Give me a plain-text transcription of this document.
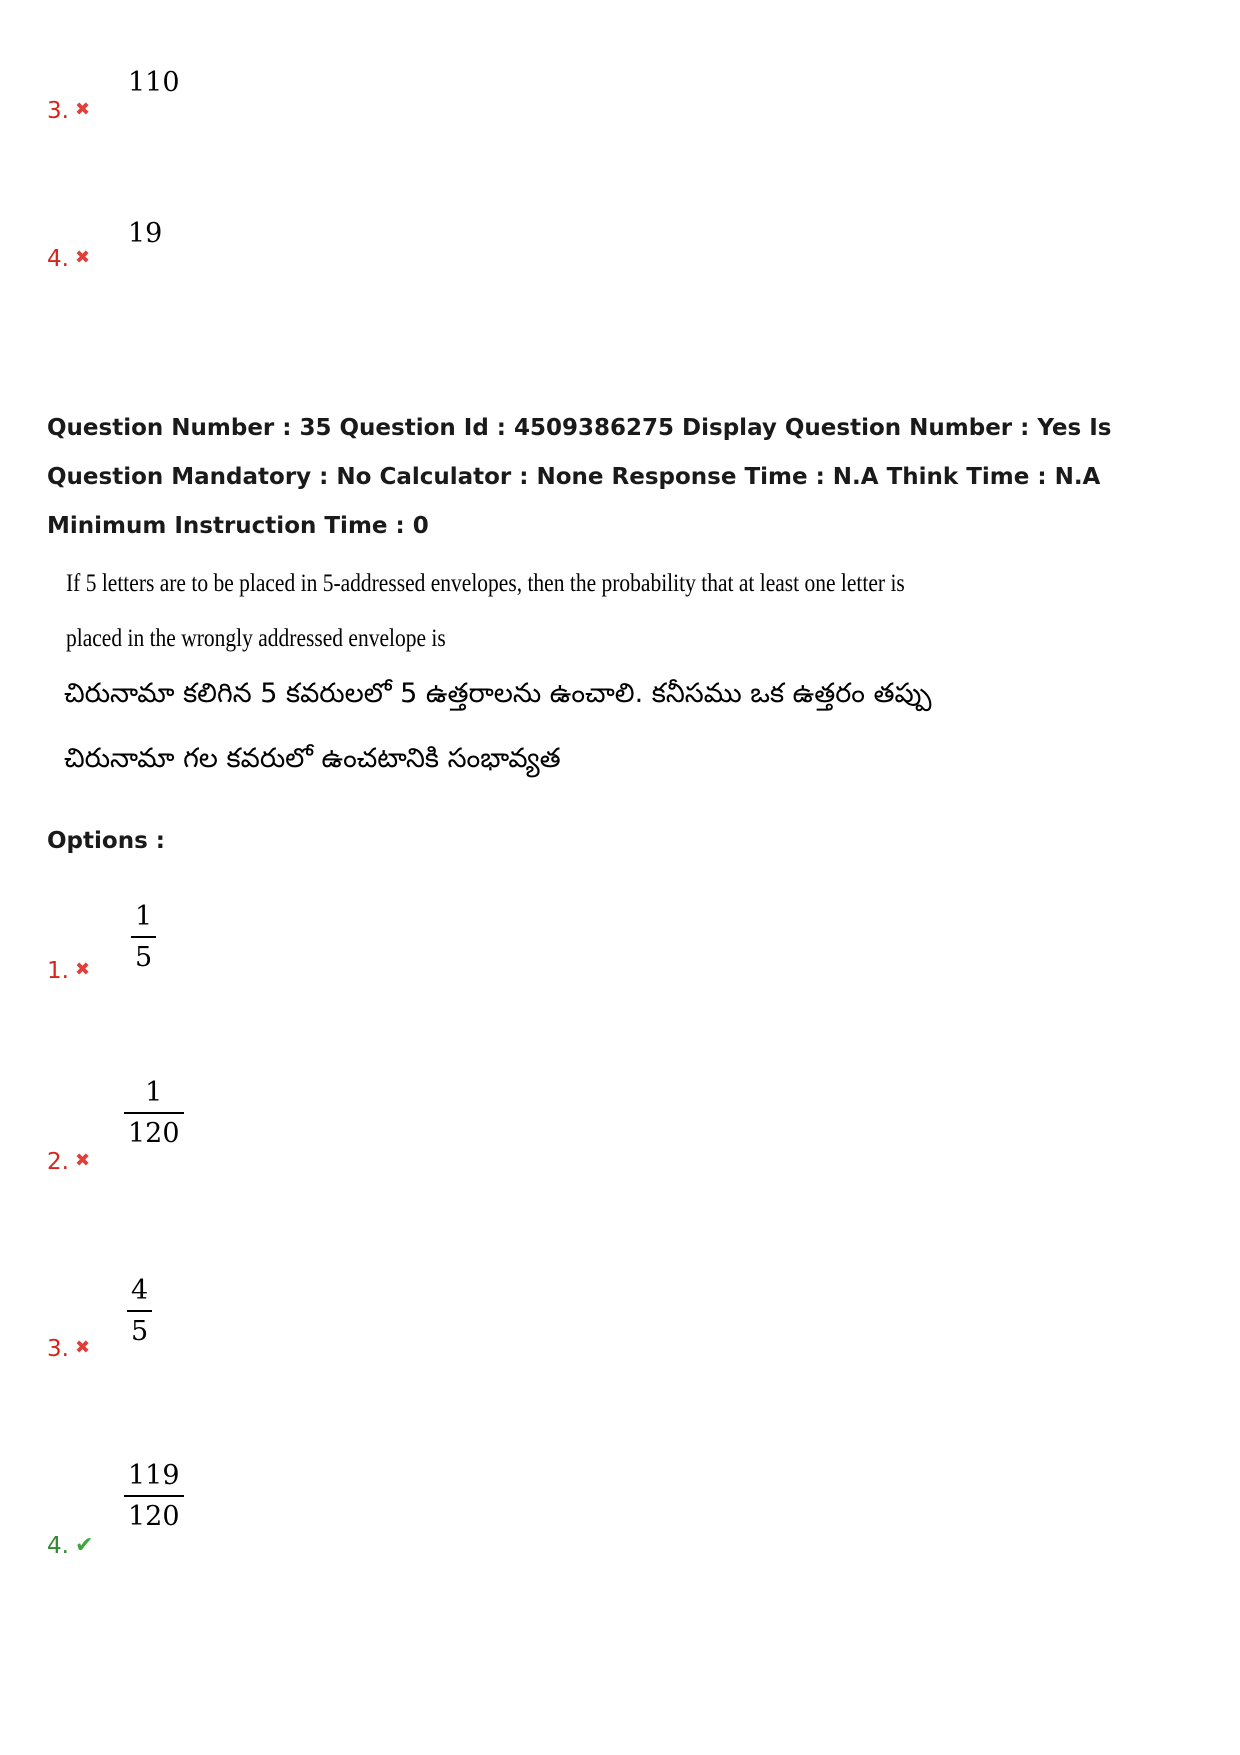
3. ✖
110
4. ✖
19
Question Number : 35 Question Id : 4509386275 Display Question Number : Yes Is Question Mandatory : No Calculator : None Response Time : N.A Think Time : N.A Minimum Instruction Time : 0
If 5 letters are to be placed in 5-addressed envelopes, then the probability that at least one letter is
placed in the wrongly addressed envelope is
చిరునామా కలిగిన 5 కవరులలో 5 ఉత్తరాలను ఉంచాలి. కనీసము ఒక ఉత్తరం తప్పు
చిరునామా గల కవరులో ఉంచటానికి సంభావ్యత
Options :
1. ✖
1
5
2. ✖
1
120
3. ✖
4
5
4. ✔
119
120
